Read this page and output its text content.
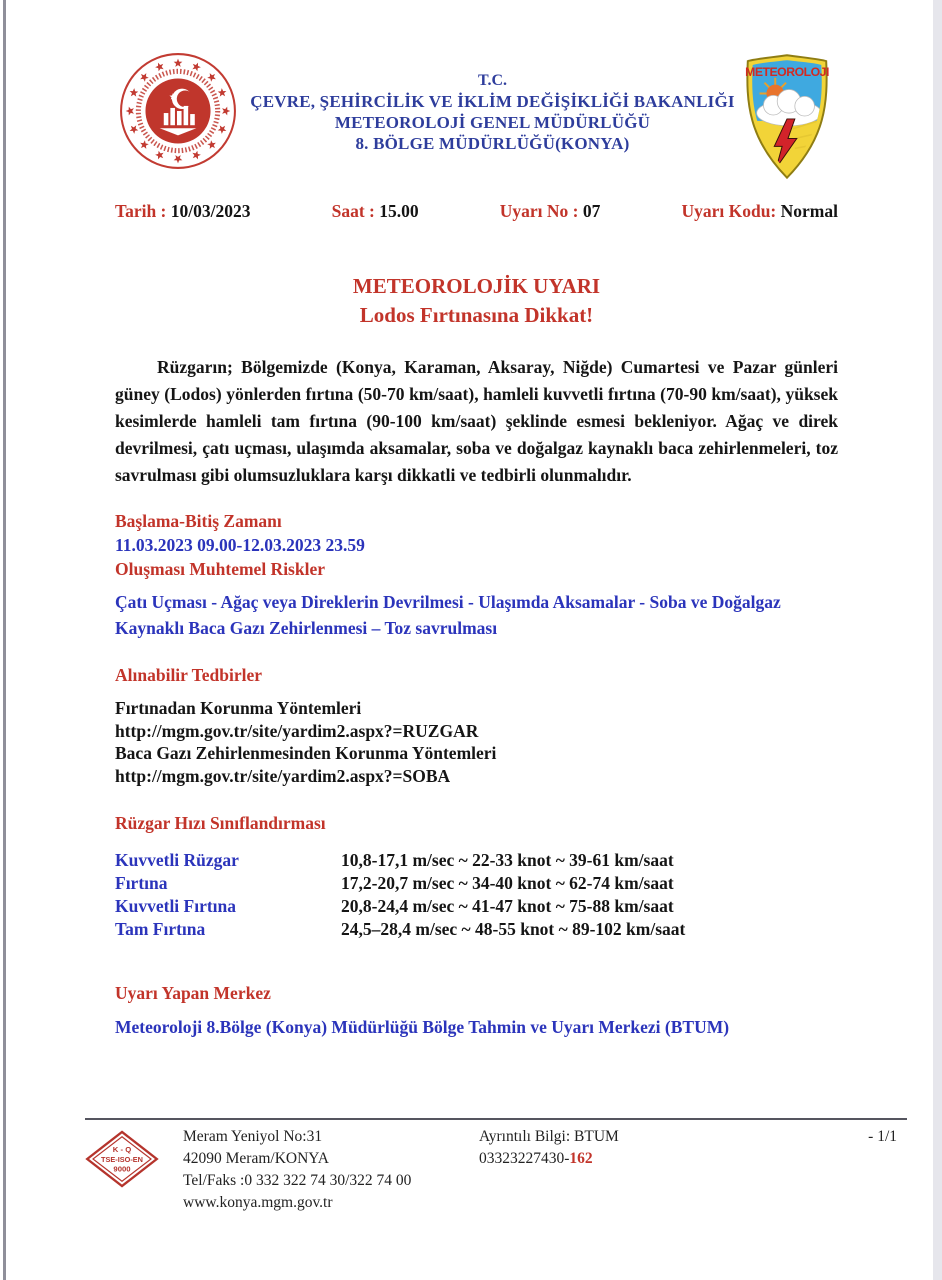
T.C.
ÇEVRE, ŞEHİRCİLİK VE İKLİM DEĞİŞİKLİĞİ BAKANLIĞI
METEOROLOJİ GENEL MÜDÜRLÜĞÜ
8. BÖLGE MÜDÜRLÜĞÜ(KONYA)
METEOROLOJI
Tarih : 10/03/2023	Saat : 15.00	Uyarı No : 07	Uyarı Kodu: Normal
METEOROLOJİK UYARI
Lodos Fırtınasına Dikkat!
Rüzgarın; Bölgemizde (Konya, Karaman, Aksaray, Niğde) Cumartesi ve Pazar günleri güney (Lodos) yönlerden fırtına (50-70 km/saat), hamleli kuvvetli fırtına (70-90 km/saat), yüksek kesimlerde hamleli tam fırtına (90-100 km/saat) şeklinde esmesi bekleniyor. Ağaç ve direk devrilmesi, çatı uçması, ulaşımda aksamalar, soba ve doğalgaz kaynaklı baca zehirlenmeleri, toz savrulması gibi olumsuzluklara karşı dikkatli ve tedbirli olunmalıdır.
Başlama-Bitiş Zamanı
11.03.2023 09.00-12.03.2023 23.59
Oluşması Muhtemel Riskler
Çatı Uçması - Ağaç veya Direklerin Devrilmesi - Ulaşımda Aksamalar - Soba ve Doğalgaz Kaynaklı Baca Gazı Zehirlenmesi – Toz savrulması
Alınabilir Tedbirler
Fırtınadan Korunma Yöntemleri
http://mgm.gov.tr/site/yardim2.aspx?=RUZGAR
Baca Gazı Zehirlenmesinden Korunma Yöntemleri
http://mgm.gov.tr/site/yardim2.aspx?=SOBA
Rüzgar Hızı Sınıflandırması
Kuvvetli Rüzgar	10,8-17,1 m/sec ~ 22-33 knot ~ 39-61 km/saat
Fırtına	17,2-20,7 m/sec ~ 34-40 knot ~ 62-74 km/saat
Kuvvetli Fırtına	20,8-24,4 m/sec ~ 41-47 knot ~ 75-88 km/saat
Tam Fırtına	24,5–28,4 m/sec ~ 48-55 knot ~ 89-102 km/saat
Uyarı Yapan Merkez
Meteoroloji 8.Bölge (Konya) Müdürlüğü Bölge Tahmin ve Uyarı Merkezi (BTUM)
K - Q
TSE-ISO-EN
9000
Meram Yeniyol No:31
42090 Meram/KONYA
Tel/Faks :0 332 322 74 30/322 74 00
www.konya.mgm.gov.tr
Ayrıntılı Bilgi: BTUM
03323227430-162
- 1/1
